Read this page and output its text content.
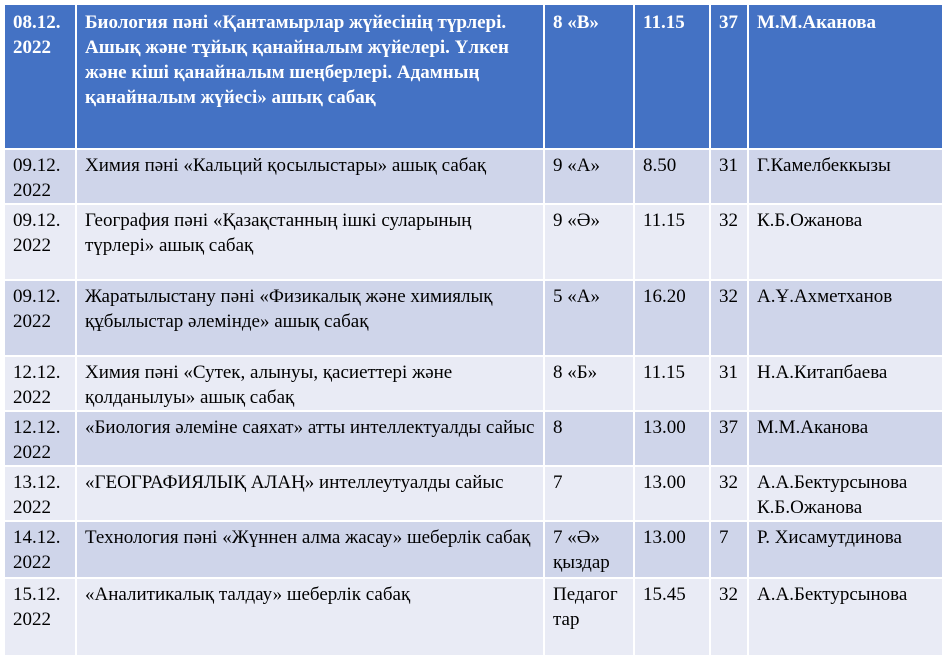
08.12.
2022	Биология пәні «Қантамырлар жүйесінің түрлері. Ашық және тұйық қанайналым жүйелері. Үлкен және кіші қанайналым шеңберлері. Адамның қанайналым жүйесі» ашық сабақ	8 «В»	11.15	37	М.М.Аканова

09.12.
2022	Химия пәні «Кальций қосылыстары» ашық сабақ	9 «А»	8.50	31	Г.Камелбеккызы

09.12.
2022	География пәні «Қазақстанның ішкі суларының түрлері» ашық сабақ	9 «Ә»	11.15	32	К.Б.Ожанова

09.12.
2022	Жаратылыстану пәні «Физикалық және химиялық құбылыстар әлемінде» ашық сабақ	5 «А»	16.20	32	А.Ұ.Ахметханов

12.12.
2022	Химия пәні «Сутек, алынуы, қасиеттері және қолданылуы» ашық сабақ	8 «Б»	11.15	31	Н.А.Китапбаева

12.12.
2022	«Биология әлеміне саяхат» атты интеллектуалды сайыс	8	13.00	37	М.М.Аканова

13.12.
2022	«ГЕОГРАФИЯЛЫҚ АЛАҢ» интеллеутуалды сайыс	7	13.00	32	А.А.Бектурсынова
К.Б.Ожанова

14.12.
2022	Технология пәні «Жүннен алма жасау» шеберлік сабақ	7 «Ә»
қыздар	13.00	7	Р. Хисамутдинова

15.12.
2022	«Аналитикалық талдау» шеберлік сабақ	Педагог
тар	15.45	32	А.А.Бектурсынова
